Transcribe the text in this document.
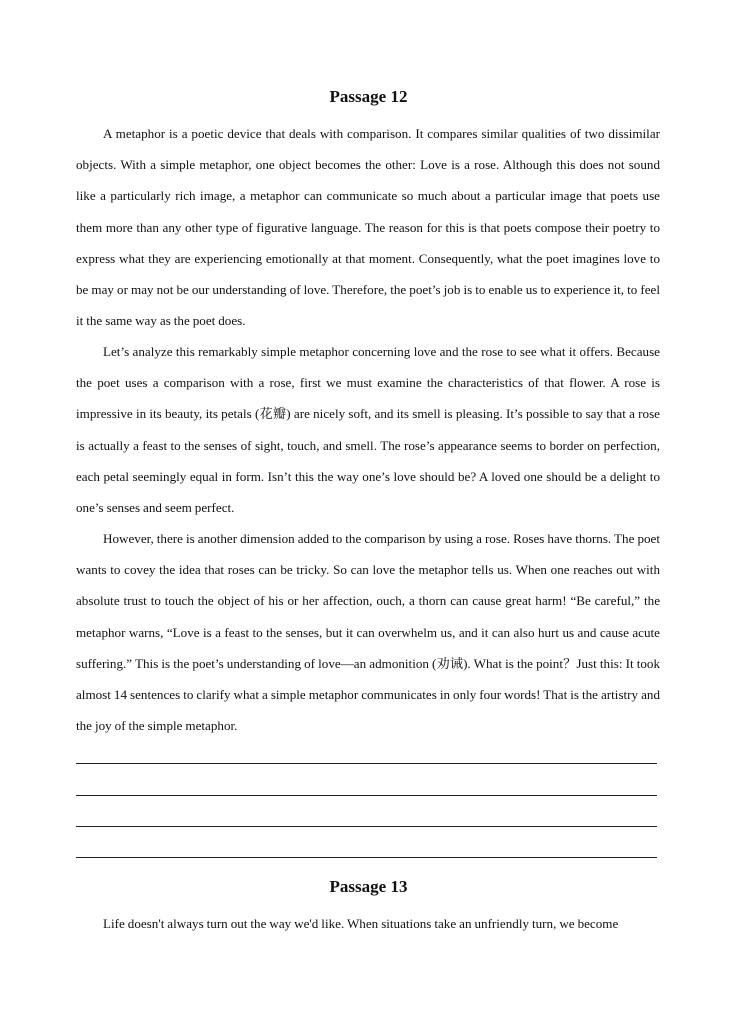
Passage 12

A metaphor is a poetic device that deals with comparison. It compares similar qualities of two dissimilar objects. With a simple metaphor, one object becomes the other: Love is a rose. Although this does not sound like a particularly rich image, a metaphor can communicate so much about a particular image that poets use them more than any other type of figurative language. The reason for this is that poets compose their poetry to express what they are experiencing emotionally at that moment. Consequently, what the poet imagines love to be may or may not be our understanding of love. Therefore, the poet’s job is to enable us to experience it, to feel it the same way as the poet does.

Let’s analyze this remarkably simple metaphor concerning love and the rose to see what it offers. Because the poet uses a comparison with a rose, first we must examine the characteristics of that flower. A rose is impressive in its beauty, its petals (花瓣) are nicely soft, and its smell is pleasing. It’s possible to say that a rose is actually a feast to the senses of sight, touch, and smell. The rose’s appearance seems to border on perfection, each petal seemingly equal in form. Isn’t this the way one’s love should be? A loved one should be a delight to one’s senses and seem perfect.

However, there is another dimension added to the comparison by using a rose. Roses have thorns. The poet wants to covey the idea that roses can be tricky. So can love the metaphor tells us. When one reaches out with absolute trust to touch the object of his or her affection, ouch, a thorn can cause great harm! “Be careful,” the metaphor warns, “Love is a feast to the senses, but it can overwhelm us, and it can also hurt us and cause acute suffering.” This is the poet’s understanding of love—an admonition (劝诫). What is the point？Just this: It took almost 14 sentences to clarify what a simple metaphor communicates in only four words! That is the artistry and the joy of the simple metaphor.

Passage 13

Life doesn't always turn out the way we'd like. When situations take an unfriendly turn, we become
